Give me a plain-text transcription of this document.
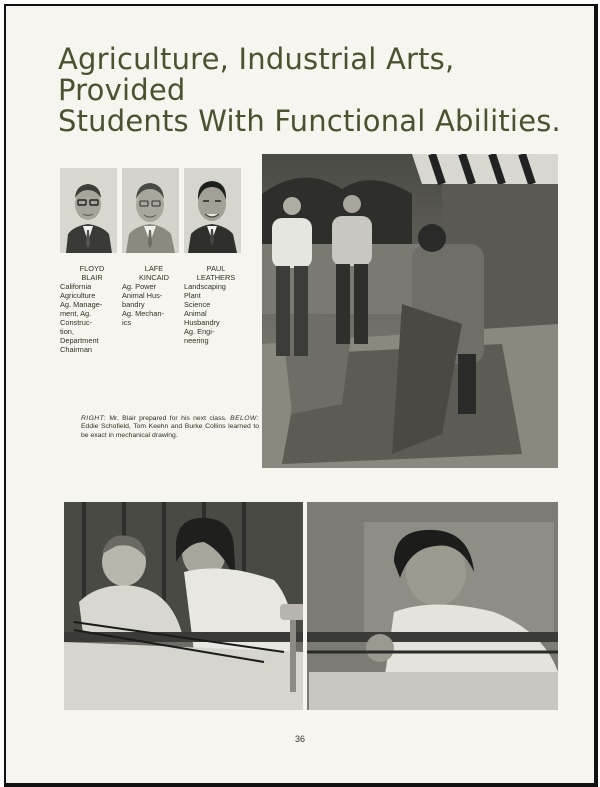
Agriculture, Industrial Arts, Provided
Students With Functional Abilities.
FLOYD
BLAIR
California
Agriculture
Ag. Manage-
ment, Ag.
Construc-
tion,
Department
Chairman
LAFE
KINCAID
Ag. Power
Animal Hus-
bandry
Ag. Mechan-
ics
PAUL
LEATHERS
Landscaping
Plant
Science
Animal
Husbandry
Ag. Engi-
neering

RIGHT: Mr. Blair prepared for his next class. BELOW: Eddie Schofield, Tom Keehn and Burke Collins learned to be exact in mechanical drawing.

36
